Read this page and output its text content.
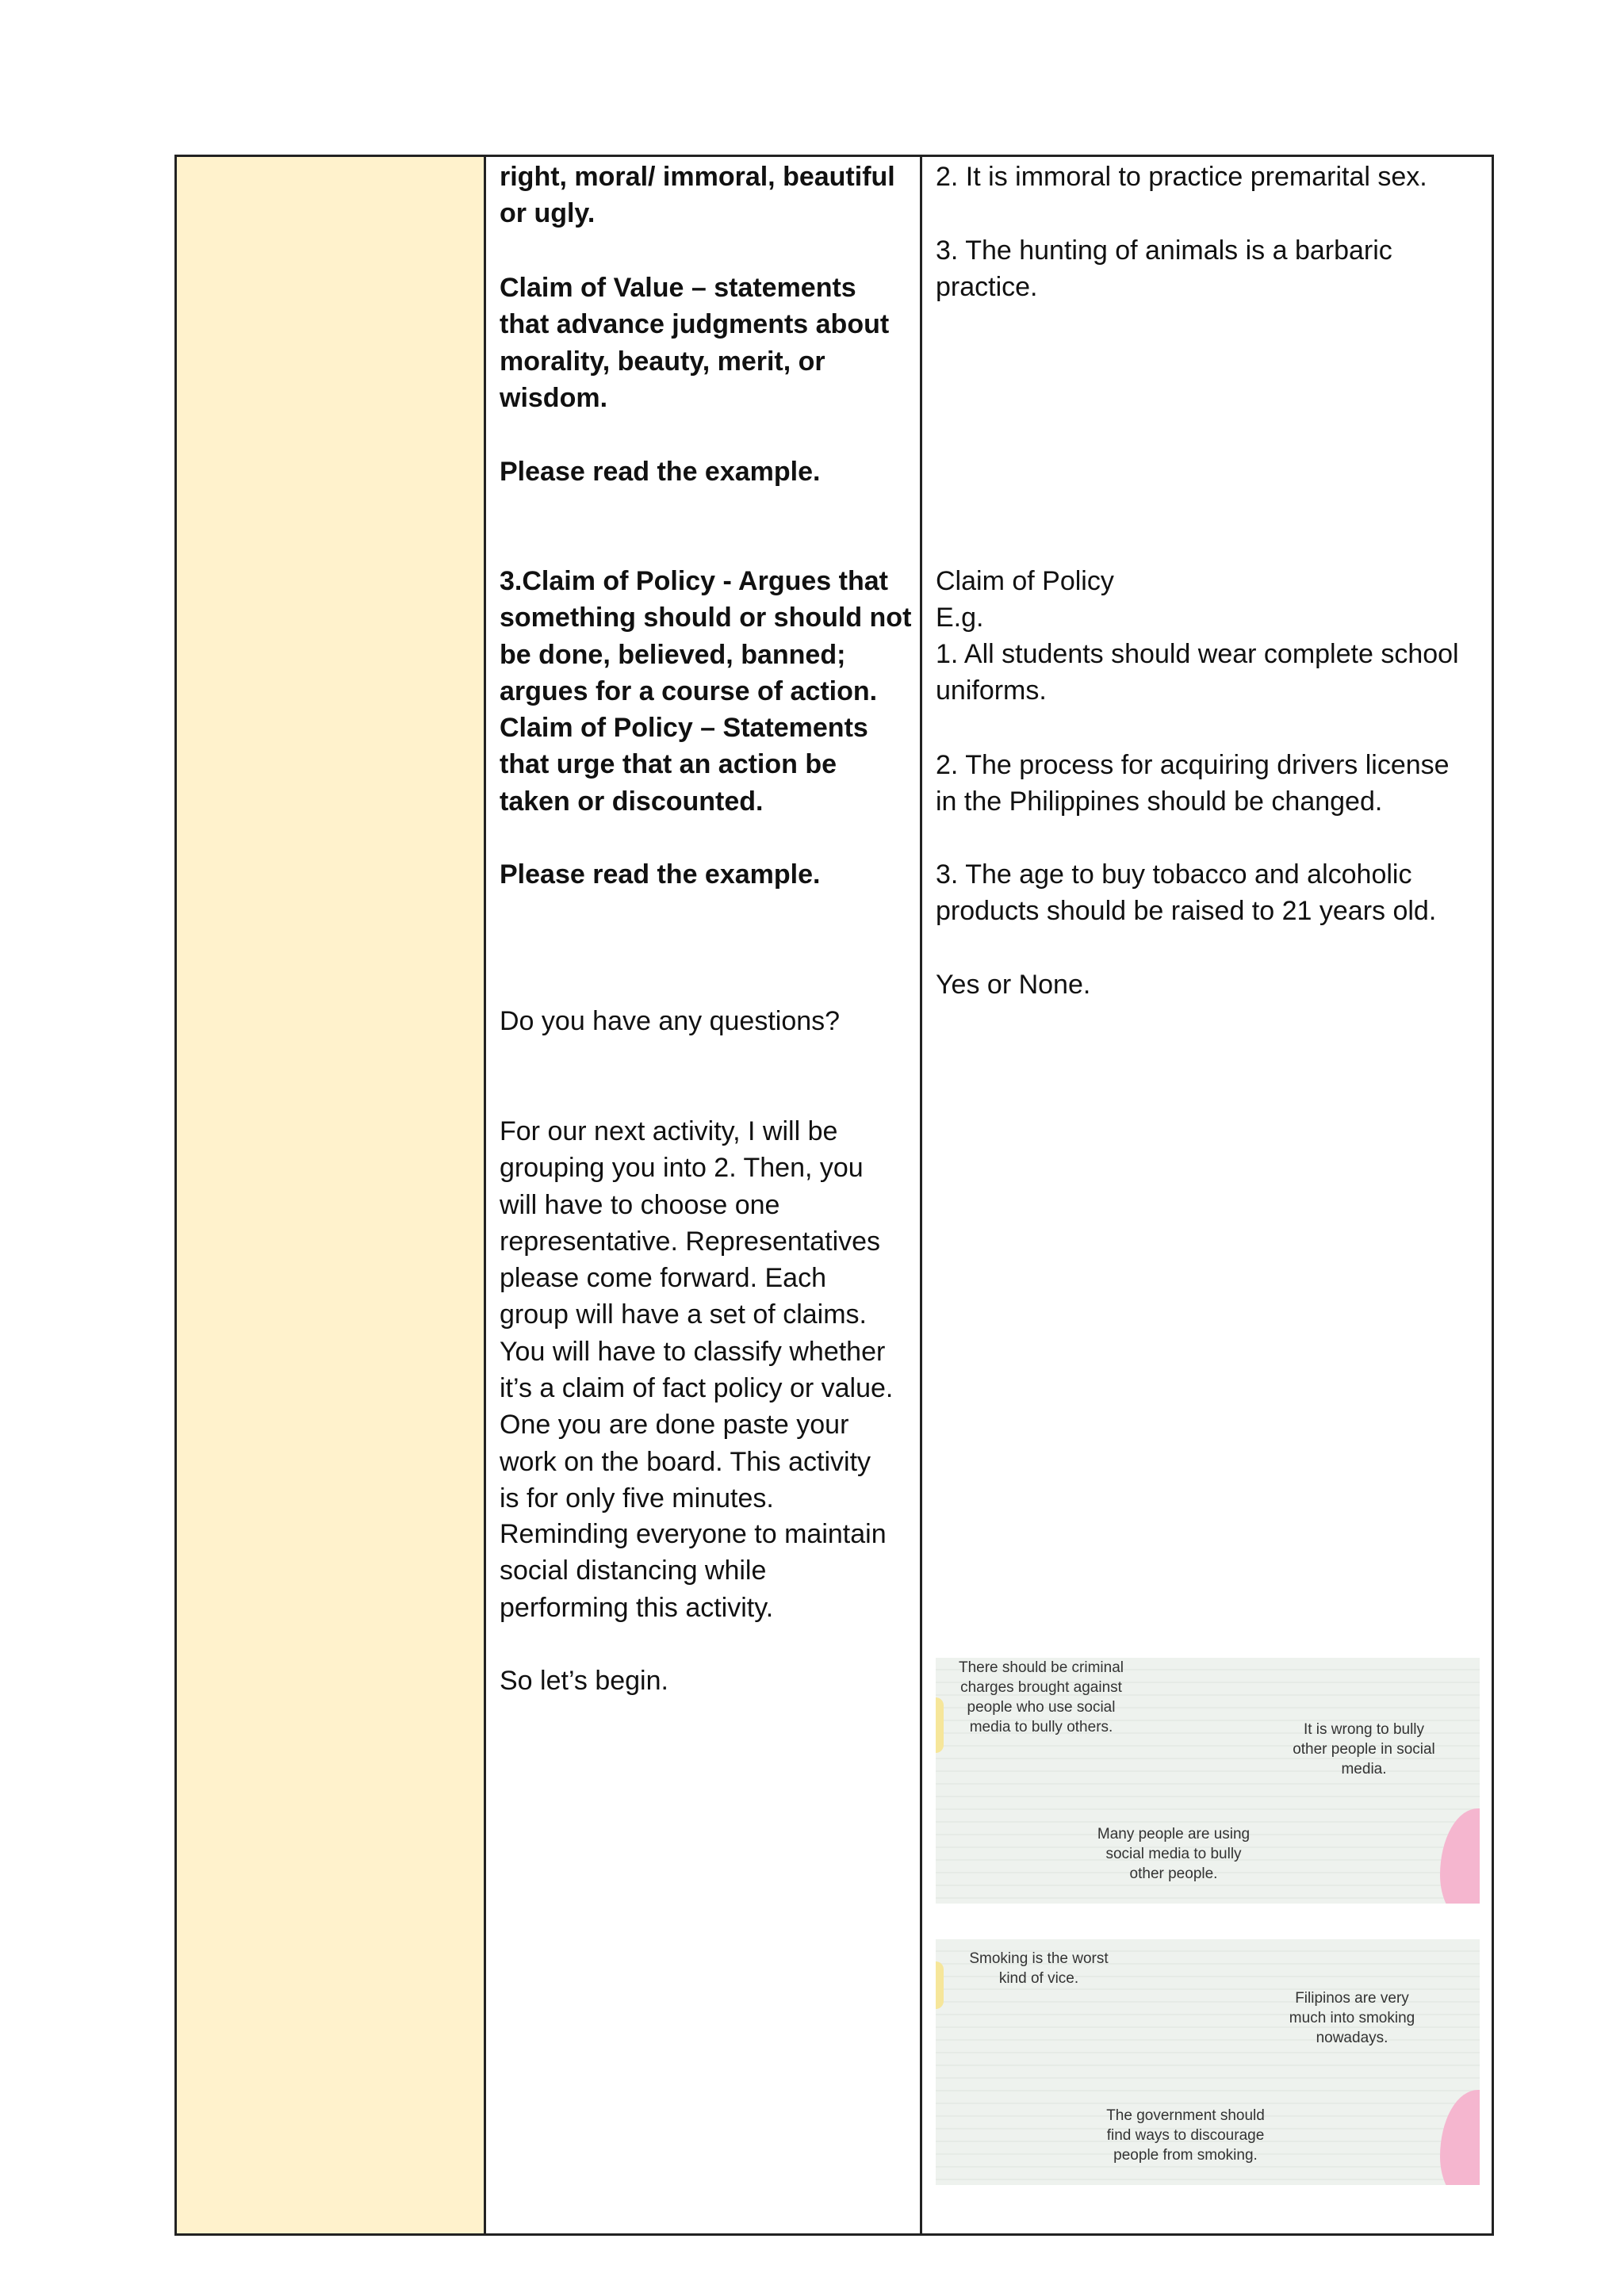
right, moral/ immoral, beautiful
or ugly.
Claim of Value – statements
that advance judgments about
morality, beauty, merit, or
wisdom.
Please read the example.
3.Claim of Policy - Argues that
something should or should not
be done, believed, banned;
argues for a course of action.
Claim of Policy – Statements
that urge that an action be
taken or discounted.
Please read the example.
Do you have any questions?
For our next activity, I will be
grouping you into 2. Then, you
will have to choose one
representative. Representatives
please come forward. Each
group will have a set of claims.
You will have to classify whether
it’s a claim of fact policy or value.
One you are done paste your
work on the board. This activity
is for only five minutes.
Reminding everyone to maintain
social distancing while
performing this activity.
So let’s begin.
2. It is immoral to practice premarital sex.
3. The hunting of animals is a barbaric
practice.
Claim of Policy
E.g.
1. All students should wear complete school
uniforms.
2. The process for acquiring drivers license
in the Philippines should be changed.
3. The age to buy tobacco and alcoholic
products should be raised to 21 years old.
Yes or None.
There should be criminal
charges brought against
people who use social
media to bully others.	It is wrong to bully
other people in social
media.
Many people are using
social media to bully
other people.
Smoking is the worst
kind of vice.
Filipinos are very
much into smoking
nowadays.
The government should
find ways to discourage
people from smoking.
